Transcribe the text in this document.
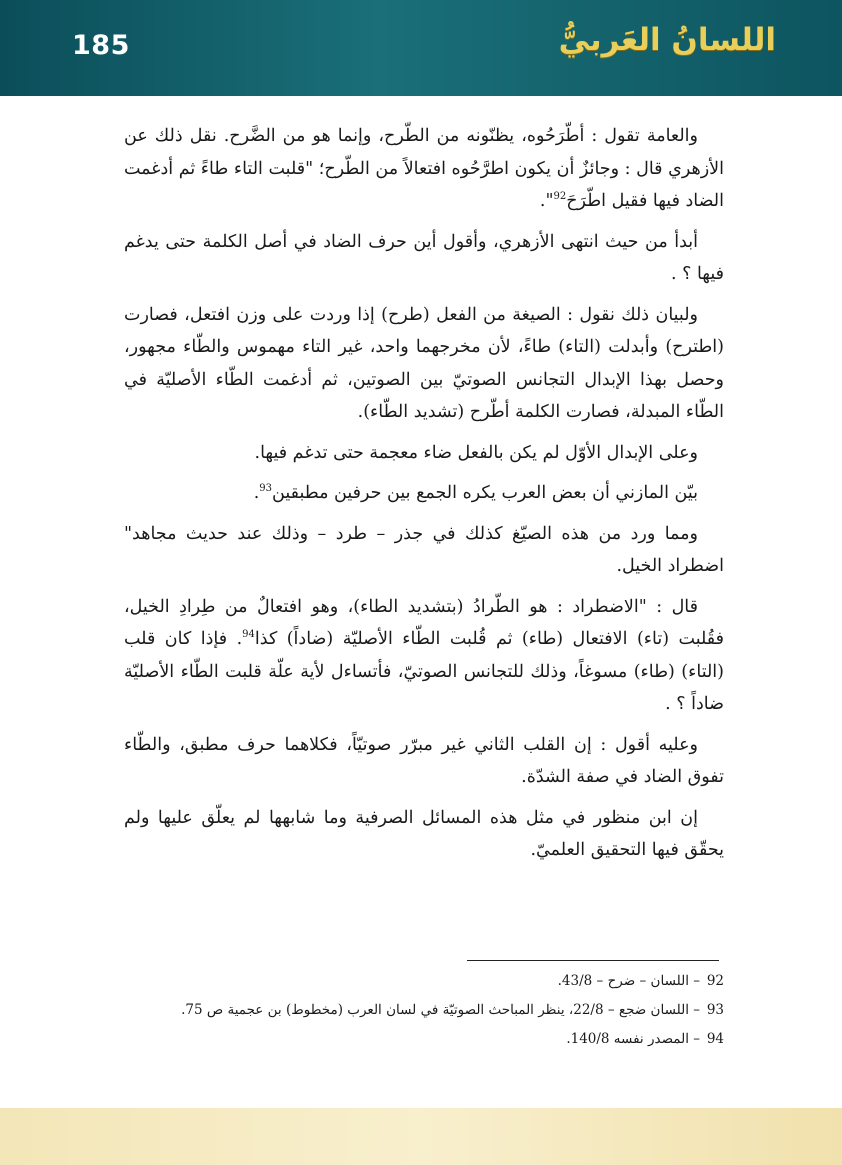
185	اللسانُ العَربيُّ

والعامة تقول : أطّرَحُوه، يظنّونه من الطّرح، وإنما هو من الضَّرح. نقل ذلك عن الأزهري قال : وجائزٌ أن يكون اطرَّحُوه افتعالاً من الطّرح؛ "قلبت التاء طاءً ثم أدغمت الضاد فيها فقيل اطّرَحَ$^{92}$".

أبدأ من حيث انتهى الأزهري، وأقول أين حرف الضاد في أصل الكلمة حتى يدغم فيها ؟ .

ولبيان ذلك نقول : الصيغة من الفعل (طرح) إذا وردت على وزن افتعل، فصارت (اطترح) وأبدلت (التاء) طاءً، لأن مخرجهما واحد، غير التاء مهموس والطّاء مجهور، وحصل بهذا الإبدال التجانس الصوتيّ بين الصوتين، ثم أدغمت الطّاء الأصليّة في الطّاء المبدلة، فصارت الكلمة أطّرح (تشديد الطّاء).

وعلى الإبدال الأوّل لم يكن بالفعل ضاء معجمة حتى تدغم فيها.

بيّن المازني أن بعض العرب يكره الجمع بين حرفين مطبقين$^{93}$.

ومما ورد من هذه الصيّغ كذلك في جذر – طرد – وذلك عند حديث مجاهد" اضطراد الخيل.

قال : "الاضطراد : هو الطّرادُ (بتشديد الطاء)، وهو افتعالٌ من طِرادِ الخيل، فقُلبت (تاء) الافتعال (طاء) ثم قُلبت الطّاء الأصليّة (ضاداً) كذا$^{94}$. فإذا كان قلب (التاء) (طاء) مسوغاً، وذلك للتجانس الصوتيّ، فأتساءل لأية علّة قلبت الطّاء الأصليّة ضاداً ؟ .

وعليه أقول : إن القلب الثاني غير مبرّر صوتيّاً، فكلاهما حرف مطبق، والطّاء تفوق الضاد في صفة الشدّة.

إن ابن منظور في مثل هذه المسائل الصرفية وما شابهها لم يعلّق عليها ولم يحقّق فيها التحقيق العلميّ.

92– اللسان – ضرح – 43/8.
93– اللسان ضجع – 22/8، ينظر المباحث الصوتيّة في لسان العرب (مخطوط) بن عجمية ص 75.
94– المصدر نفسه 140/8.
